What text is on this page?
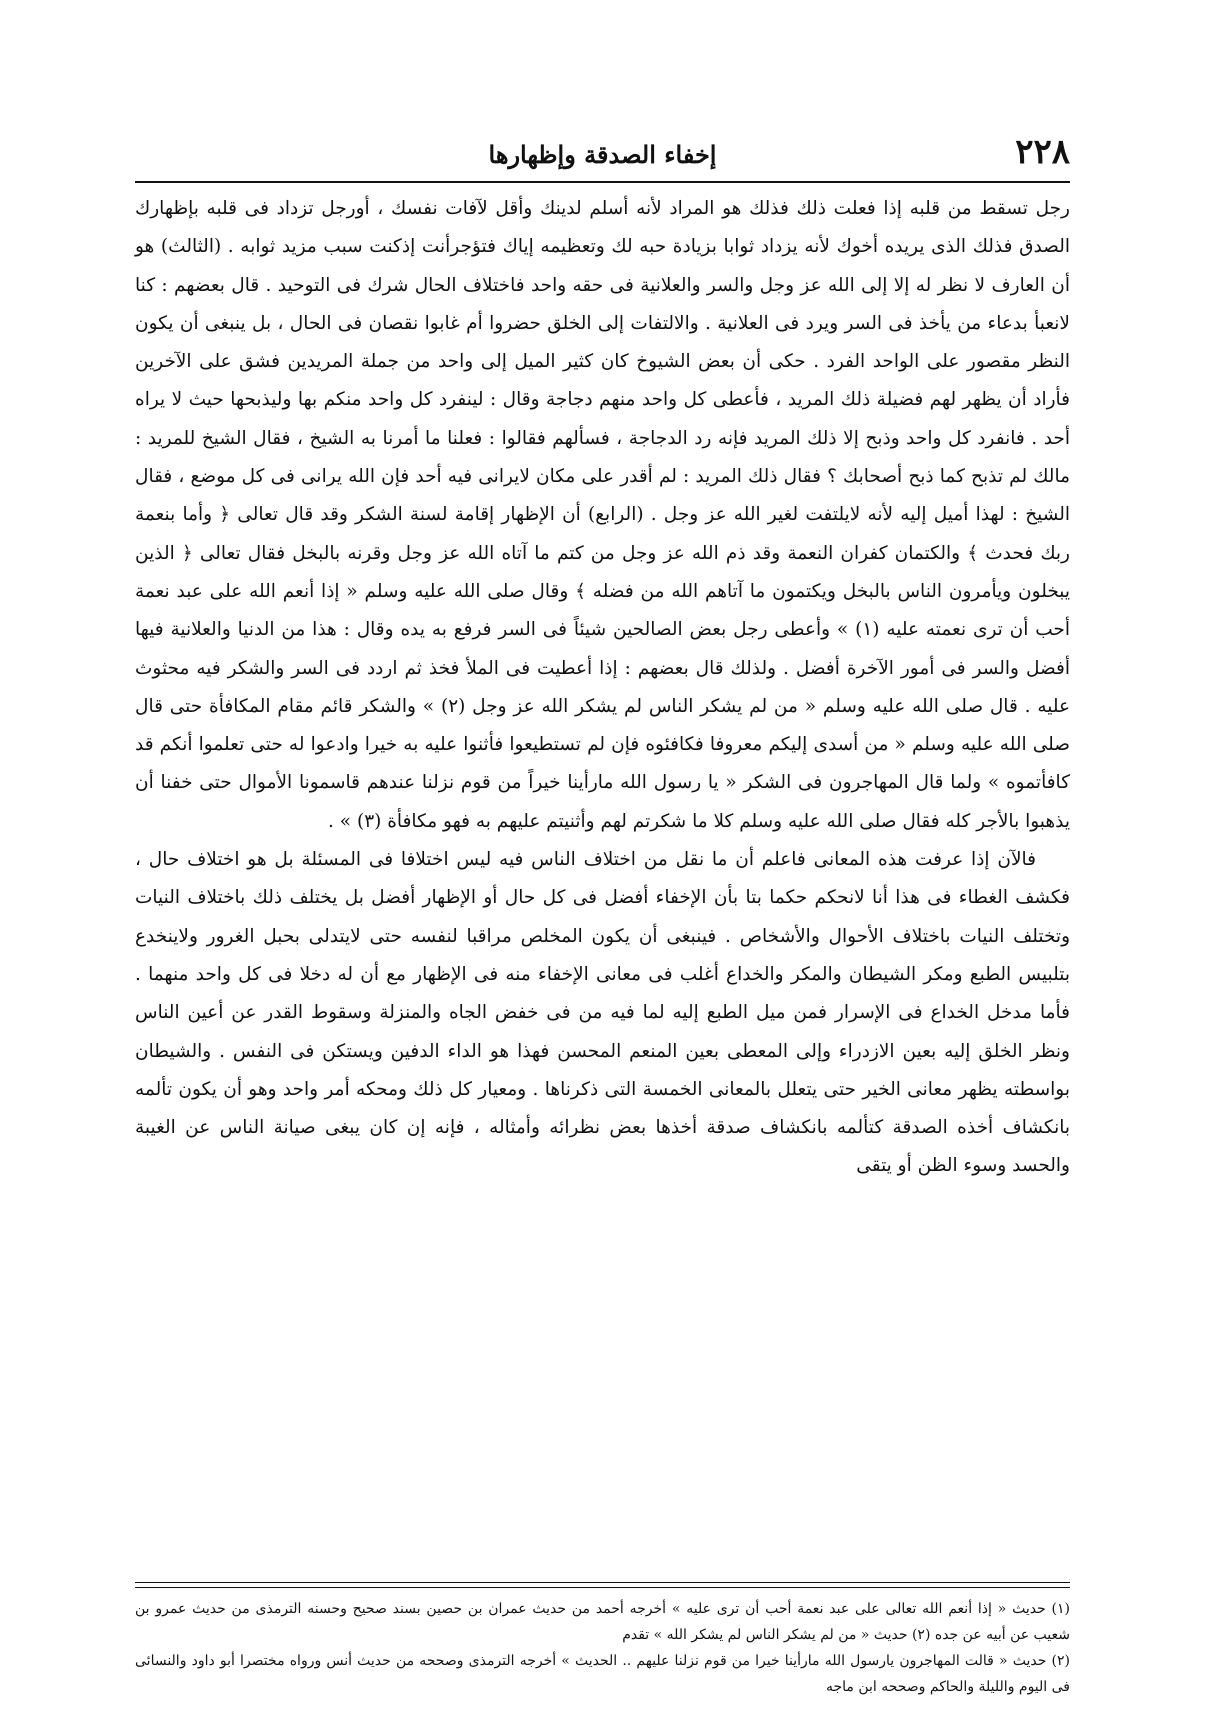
٢٢٨
إخفاء الصدقة وإظهارها

رجل تسقط من قلبه إذا فعلت ذلك فذلك هو المراد لأنه أسلم لدينك وأقل لآفات نفسك ، أورجل تزداد فى قلبه بإظهارك الصدق فذلك الذى يريده أخوك لأنه يزداد ثوابا بزيادة حبه لك وتعظيمه إياك فتؤجرأنت إذكنت سبب مزيد ثوابه . (الثالث) هو أن العارف لا نظر له إلا إلى الله عز وجل والسر والعلانية فى حقه واحد فاختلاف الحال شرك فى التوحيد . قال بعضهم : كنا لانعبأ بدعاء من يأخذ فى السر ويرد فى العلانية . والالتفات إلى الخلق حضروا أم غابوا نقصان فى الحال ، بل ينبغى أن يكون النظر مقصور على الواحد الفرد . حكى أن بعض الشيوخ كان كثير الميل إلى واحد من جملة المريدين فشق على الآخرين فأراد أن يظهر لهم فضيلة ذلك المريد ، فأعطى كل واحد منهم دجاجة وقال : لينفرد كل واحد منكم بها وليذبحها حيث لا يراه أحد . فانفرد كل واحد وذبح إلا ذلك المريد فإنه رد الدجاجة ، فسألهم فقالوا : فعلنا ما أمرنا به الشيخ ، فقال الشيخ للمريد : مالك لم تذبح كما ذبح أصحابك ؟ فقال ذلك المريد : لم أقدر على مكان لايرانى فيه أحد فإن الله يرانى فى كل موضع ، فقال الشيخ : لهذا أميل إليه لأنه لايلتفت لغير الله عز وجل . (الرابع) أن الإظهار إقامة لسنة الشكر وقد قال تعالى ﴿ وأما بنعمة ربك فحدث ﴾ والكتمان كفران النعمة وقد ذم الله عز وجل من كتم ما آتاه الله عز وجل وقرنه بالبخل فقال تعالى ﴿ الذين يبخلون ويأمرون الناس بالبخل ويكتمون ما آتاهم الله من فضله ﴾ وقال صلى الله عليه وسلم « إذا أنعم الله على عبد نعمة أحب أن ترى نعمته عليه (١) » وأعطى رجل بعض الصالحين شيئاً فى السر فرفع به يده وقال : هذا من الدنيا والعلانية فيها أفضل والسر فى أمور الآخرة أفضل . ولذلك قال بعضهم : إذا أعطيت فى الملأ فخذ ثم اردد فى السر والشكر فيه محثوث عليه . قال صلى الله عليه وسلم « من لم يشكر الناس لم يشكر الله عز وجل (٢) » والشكر قائم مقام المكافأة حتى قال صلى الله عليه وسلم « من أسدى إليكم معروفا فكافئوه فإن لم تستطيعوا فأثنوا عليه به خيرا وادعوا له حتى تعلموا أنكم قد كافأتموه » ولما قال المهاجرون فى الشكر « يا رسول الله مارأينا خيراً من قوم نزلنا عندهم قاسمونا الأموال حتى خفنا أن يذهبوا بالأجر كله فقال صلى الله عليه وسلم كلا ما شكرتم لهم وأثنيتم عليهم به فهو مكافأة (٣) » .

فالآن إذا عرفت هذه المعانى فاعلم أن ما نقل من اختلاف الناس فيه ليس اختلافا فى المسئلة بل هو اختلاف حال ، فكشف الغطاء فى هذا أنا لانحكم حكما بتا بأن الإخفاء أفضل فى كل حال أو الإظهار أفضل بل يختلف ذلك باختلاف النيات وتختلف النيات باختلاف الأحوال والأشخاص . فينبغى أن يكون المخلص مراقبا لنفسه حتى لايتدلى بحبل الغرور ولاينخدع بتلبيس الطبع ومكر الشيطان والمكر والخداع أغلب فى معانى الإخفاء منه فى الإظهار مع أن له دخلا فى كل واحد منهما . فأما مدخل الخداع فى الإسرار فمن ميل الطبع إليه لما فيه من فى خفض الجاه والمنزلة وسقوط القدر عن أعين الناس ونظر الخلق إليه بعين الازدراء وإلى المعطى بعين المنعم المحسن فهذا هو الداء الدفين ويستكن فى النفس . والشيطان بواسطته يظهر معانى الخير حتى يتعلل بالمعانى الخمسة التى ذكرناها . ومعيار كل ذلك ومحكه أمر واحد وهو أن يكون تألمه بانكشاف أخذه الصدقة كتألمه بانكشاف صدقة أخذها بعض نظرائه وأمثاله ، فإنه إن كان يبغى صيانة الناس عن الغيبة والحسد وسوء الظن أو يتقى

(١) حديث « إذا أنعم الله تعالى على عبد نعمة أحب أن ترى عليه » أخرجه أحمد من حديث عمران بن حصين بسند صحيح وحسنه الترمذى من حديث عمرو بن شعيب عن أبيه عن جده (٢) حديث « من لم يشكر الناس لم يشكر الله » تقدم

(٢) حديث « قالت المهاجرون يارسول الله مارأينا خيرا من قوم نزلنا عليهم .. الحديث » أخرجه الترمذى وصححه من حديث أنس ورواه مختصرا أبو داود والنسائى فى اليوم والليلة والحاكم وصححه ابن ماجه
